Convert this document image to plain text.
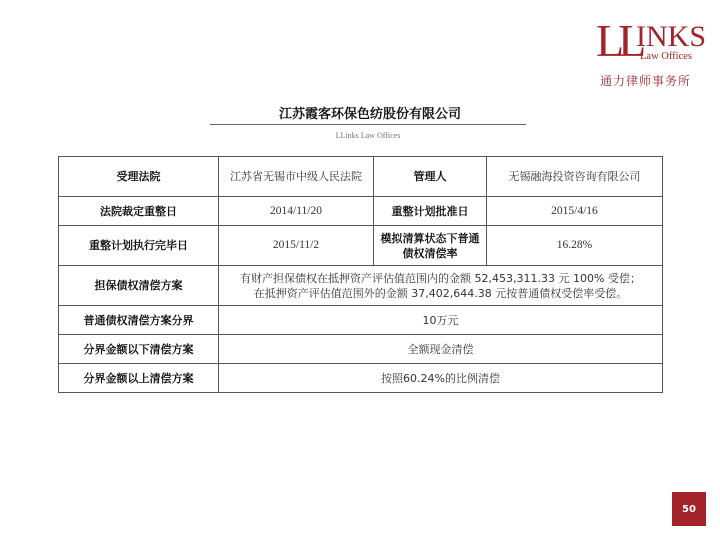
LL
INKS
Law Offices
通力律师事务所
江苏霞客环保色纺股份有限公司
LLinks Law Offices
受理法院	江苏省无锡市中级人民法院	管理人	无锡融海投资咨询有限公司
法院裁定重整日	2014/11/20	重整计划批准日	2015/4/16
重整计划执行完毕日	2015/11/2	模拟清算状态下普通债权清偿率	16.28%
担保债权清偿方案	有财产担保债权在抵押资产评估值范围内的金额 52,453,311.33 元 100% 受偿；
在抵押资产评估值范围外的金额 37,402,644.38 元按普通债权受偿率受偿。		

普通债权清偿方案分界	10万元		
分界金额以下清偿方案	全额现金清偿		
分界金额以上清偿方案	按照60.24%的比例清偿		
50
